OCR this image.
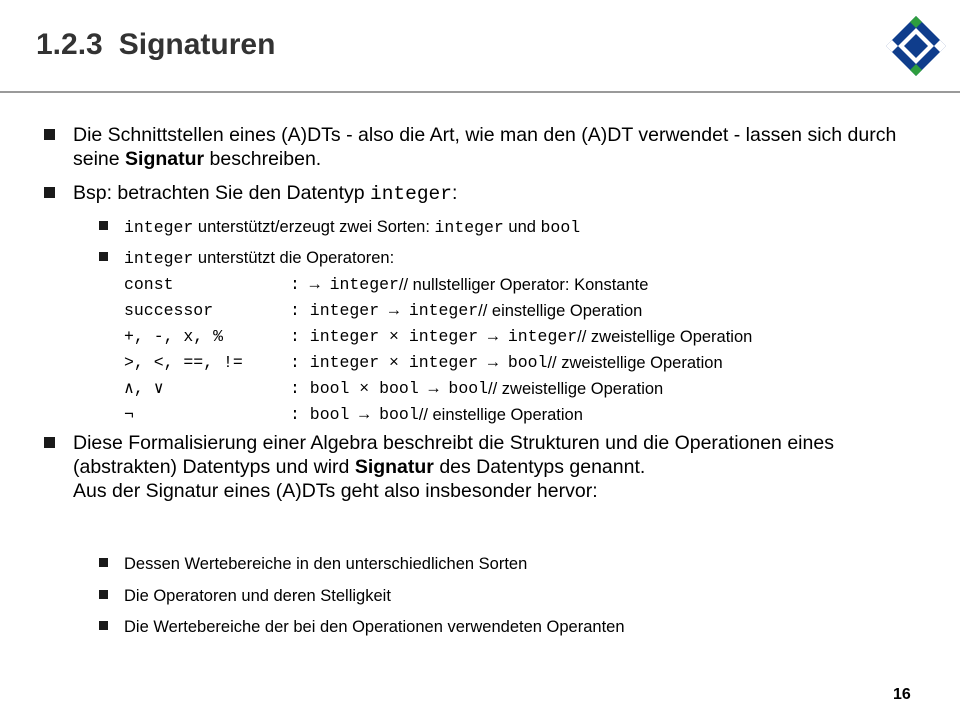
1.2.3 Signaturen
Die Schnittstellen eines (A)DTs - also die Art, wie man den (A)DT verwendet - lassen sich durch seine Signatur beschreiben.
Bsp: betrachten Sie den Datentyp integer:
integer unterstützt/erzeugt zwei Sorten: integer und bool
integer unterstützt die Operatoren:
const	: → integer // nullstelliger Operator: Konstante
successor	: integer → integer // einstellige Operation
+, -, x, %	: integer × integer → integer // zweistellige Operation
>, <, ==, !=	: integer × integer → bool // zweistellige Operation
∧, ∨	: bool × bool → bool // zweistellige Operation
¬	: bool → bool // einstellige Operation
Diese Formalisierung einer Algebra beschreibt die Strukturen und die Operationen eines (abstrakten) Datentyps und wird Signatur des Datentyps genannt.
Aus der Signatur eines (A)DTs geht also insbesonder hervor:
Dessen Wertebereiche in den unterschiedlichen Sorten
Die Operatoren und deren Stelligkeit
Die Wertebereiche der bei den Operationen verwendeten Operanten
16
